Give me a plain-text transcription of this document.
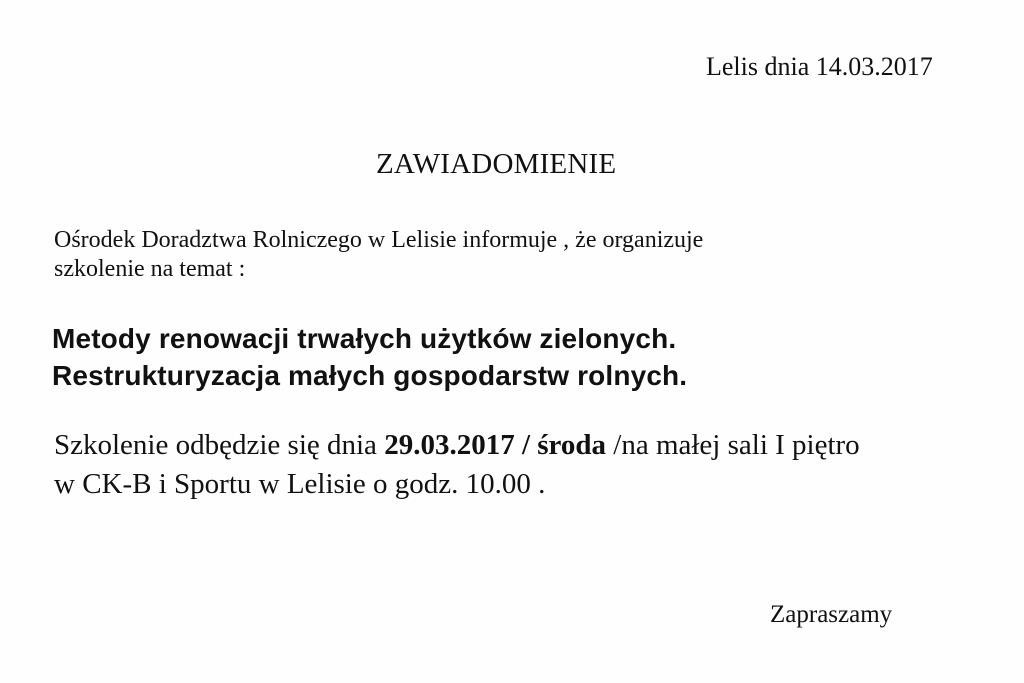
Lelis dnia 14.03.2017
ZAWIADOMIENIE
Ośrodek Doradztwa Rolniczego w Lelisie informuje , że organizuje
szkolenie na temat :
Metody renowacji trwałych użytków zielonych.
Restrukturyzacja małych gospodarstw rolnych.
Szkolenie odbędzie się dnia 29.03.2017 / środa /na małej sali I piętro
w CK-B i Sportu w Lelisie o godz. 10.00 .
Zapraszamy
